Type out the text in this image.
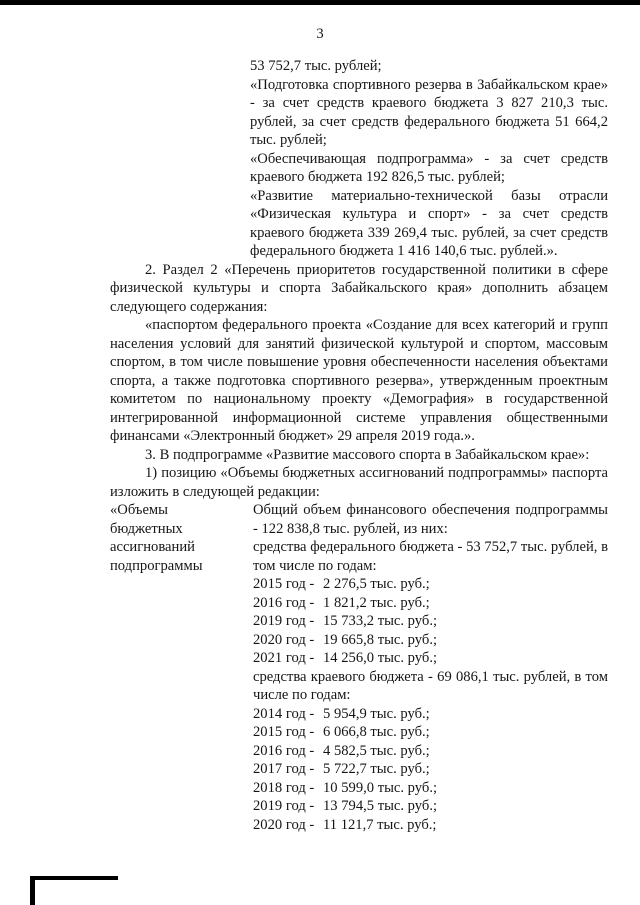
3

53 752,7 тыс. рублей;

«Подготовка спортивного резерва в Забайкальском крае» - за счет средств краевого бюджета 3 827 210,3 тыс. рублей, за счет средств федерального бюджета 51 664,2 тыс. рублей;

«Обеспечивающая подпрограмма» - за счет средств краевого бюджета 192 826,5 тыс. рублей;

«Развитие материально-технической базы отрасли «Физическая культура и спорт» - за счет средств краевого бюджета 339 269,4 тыс. рублей, за счет средств федерального бюджета 1 416 140,6 тыс. рублей.».

2. Раздел 2 «Перечень приоритетов государственной политики в сфере физической культуры и спорта Забайкальского края» дополнить абзацем следующего содержания:

«паспортом федерального проекта «Создание для всех категорий и групп населения условий для занятий физической культурой и спортом, массовым спортом, в том числе повышение уровня обеспеченности населения объектами спорта, а также подготовка спортивного резерва», утвержденным проектным комитетом по национальному проекту «Демография» в государственной интегрированной информационной системе управления общественными финансами «Электронный бюджет» 29 апреля 2019 года.».

3. В подпрограмме «Развитие массового спорта в Забайкальском крае»:

1) позицию «Объемы бюджетных ассигнований подпрограммы» паспорта изложить в следующей редакции:

«Объемы бюджетных ассигнований подпрограммы

Общий объем финансового обеспечения подпрограммы - 122 838,8 тыс. рублей, из них:

средства федерального бюджета - 53 752,7 тыс. рублей, в том числе по годам:

2015 год - 2 276,5 тыс. руб.;
2016 год - 1 821,2 тыс. руб.;
2019 год - 15 733,2 тыс. руб.;
2020 год - 19 665,8 тыс. руб.;
2021 год - 14 256,0 тыс. руб.;

средства краевого бюджета - 69 086,1 тыс. рублей, в том числе по годам:

2014 год - 5 954,9 тыс. руб.;
2015 год - 6 066,8 тыс. руб.;
2016 год - 4 582,5 тыс. руб.;
2017 год - 5 722,7 тыс. руб.;
2018 год - 10 599,0 тыс. руб.;
2019 год - 13 794,5 тыс. руб.;
2020 год - 11 121,7 тыс. руб.;
